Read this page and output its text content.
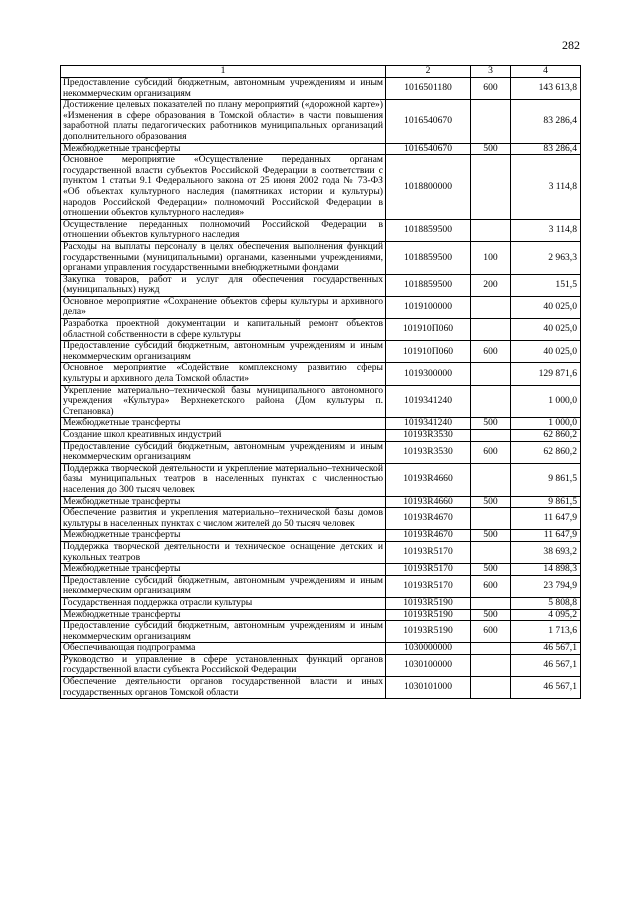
282
1	2	3	4
Предоставление субсидий бюджетным, автономным учреждениям и иным некоммерческим организациям	1016501180	600	143 613,8
Достижение целевых показателей по плану мероприятий («дорожной картe») «Изменения в сфере образования в Томской области» в части повышения заработной платы педагогических работников муниципальных организаций дополнительного образования	1016540670		83 286,4
Межбюджетные трансферты	1016540670	500	83 286,4
Основное мероприятие «Осуществление переданных органам государственной власти субъектов Российской Федерации в соответствии с пунктом 1 статьи 9.1 Федерального закона от 25 июня 2002 года № 73-ФЗ «Об объектах культурного наследия (памятниках истории и культуры) народов Российской Федерации» полномочий Российской Федерации в отношении объектов культурного наследия»	1018800000		3 114,8
Осуществление переданных полномочий Российской Федерации в отношении объектов культурного наследия	1018859500		3 114,8
Расходы на выплаты персоналу в целях обеспечения выполнения функций государственными (муниципальными) органами, казенными учреждениями, органами управления государственными внебюджетными фондами	1018859500	100	2 963,3
Закупка товаров, работ и услуг для обеспечения государственных (муниципальных) нужд	1018859500	200	151,5
Основное мероприятие «Сохранение объектов сферы культуры и архивного дела»	1019100000		40 025,0
Разработка проектной документации и капитальный ремонт объектов областной собственности в сфере культуры	101910П060		40 025,0
Предоставление субсидий бюджетным, автономным учреждениям и иным некоммерческим организациям	101910П060	600	40 025,0
Основное мероприятие «Содействие комплексному развитию сферы культуры и архивного дела Томской области»	1019300000		129 871,6
Укрепление материально–технической базы муниципального автономного учреждения «Культура» Верхнекетского района (Дом культуры п. Степановка)	1019341240		1 000,0
Межбюджетные трансферты	1019341240	500	1 000,0
Создание школ креативных индустрий	10193R3530		62 860,2
Предоставление субсидий бюджетным, автономным учреждениям и иным некоммерческим организациям	10193R3530	600	62 860,2
Поддержка творческой деятельности и укрепление материально–технической базы муниципальных театров в населенных пунктах с численностью населения до 300 тысяч человек	10193R4660		9 861,5
Межбюджетные трансферты	10193R4660	500	9 861,5
Обеспечение развития и укрепления материально–технической базы домов культуры в населенных пунктах с числом жителей до 50 тысяч человек	10193R4670		11 647,9
Межбюджетные трансферты	10193R4670	500	11 647,9
Поддержка творческой деятельности и техническое оснащение детских и кукольных театров	10193R5170		38 693,2
Межбюджетные трансферты	10193R5170	500	14 898,3
Предоставление субсидий бюджетным, автономным учреждениям и иным некоммерческим организациям	10193R5170	600	23 794,9
Государственная поддержка отрасли культуры	10193R5190		5 808,8
Межбюджетные трансферты	10193R5190	500	4 095,2
Предоставление субсидий бюджетным, автономным учреждениям и иным некоммерческим организациям	10193R5190	600	1 713,6
Обеспечивающая подпрограмма	1030000000		46 567,1
Руководство и управление в сфере установленных функций органов государственной власти субъекта Российской Федерации	1030100000		46 567,1
Обеспечение деятельности органов государственной власти и иных государственных органов Томской области	1030101000		46 567,1
